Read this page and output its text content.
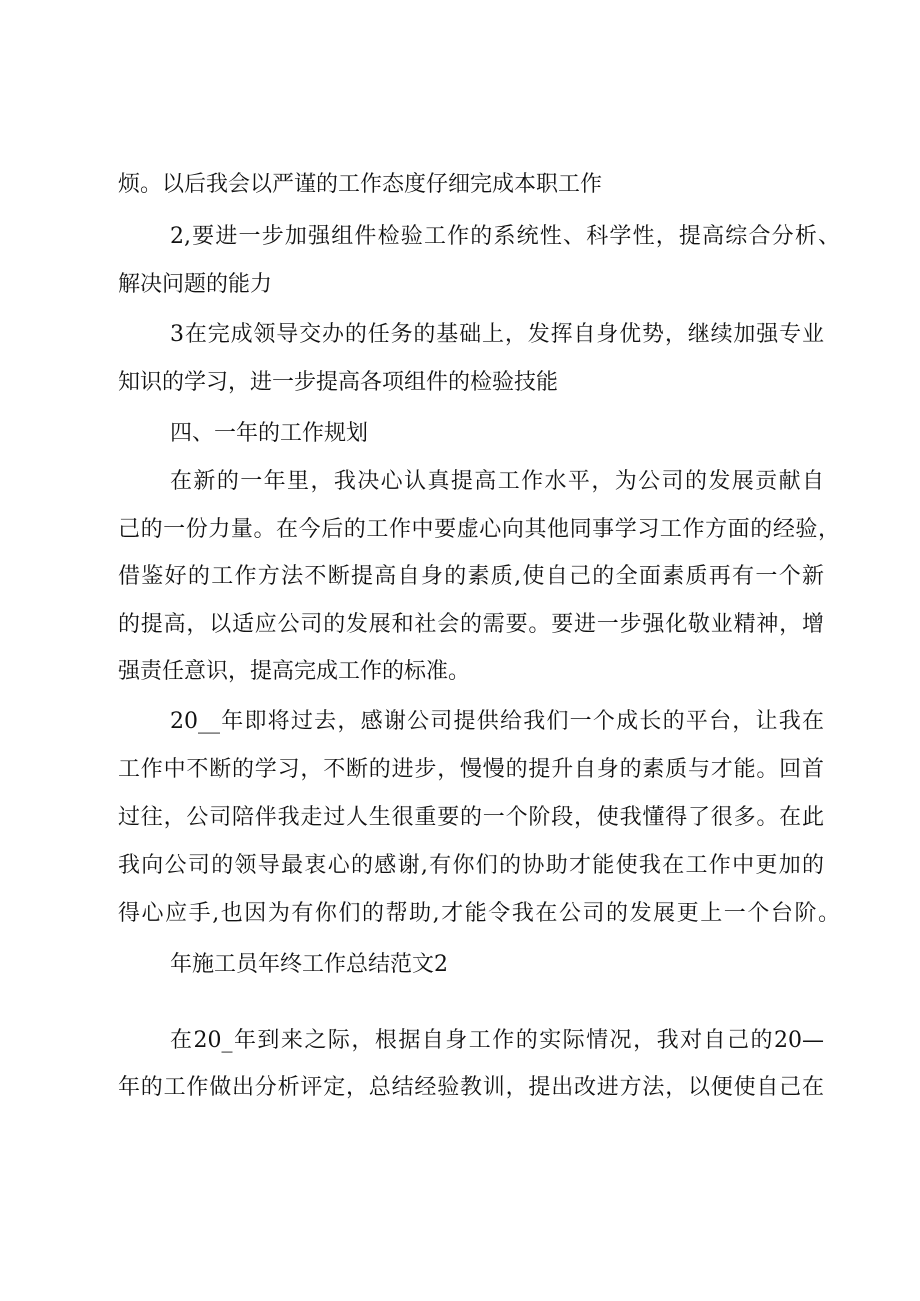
烦。以后我会以严谨的工作态度仔细完成本职工作
2,要进一步加强组件检验工作的系统性、科学性，提高综合分析、
解决问题的能力
3在完成领导交办的任务的基础上，发挥自身优势，继续加强专业
知识的学习，进一步提高各项组件的检验技能
四、一年的工作规划
在新的一年里，我决心认真提高工作水平，为公司的发展贡献自
己的一份力量。在今后的工作中要虚心向其他同事学习工作方面的经验，
借鉴好的工作方法不断提高自身的素质,使自己的全面素质再有一个新
的提高，以适应公司的发展和社会的需要。要进一步强化敬业精神，增
强责任意识，提高完成工作的标准。
20__年即将过去，感谢公司提供给我们一个成长的平台，让我在
工作中不断的学习，不断的进步，慢慢的提升自身的素质与才能。回首
过往，公司陪伴我走过人生很重要的一个阶段，使我懂得了很多。在此
我向公司的领导最衷心的感谢,有你们的协助才能使我在工作中更加的
得心应手,也因为有你们的帮助,才能令我在公司的发展更上一个台阶。
年施工员年终工作总结范文2
在20_年到来之际，根据自身工作的实际情况，我对自己的20—
年的工作做出分析评定，总结经验教训，提出改进方法，以便使自己在
